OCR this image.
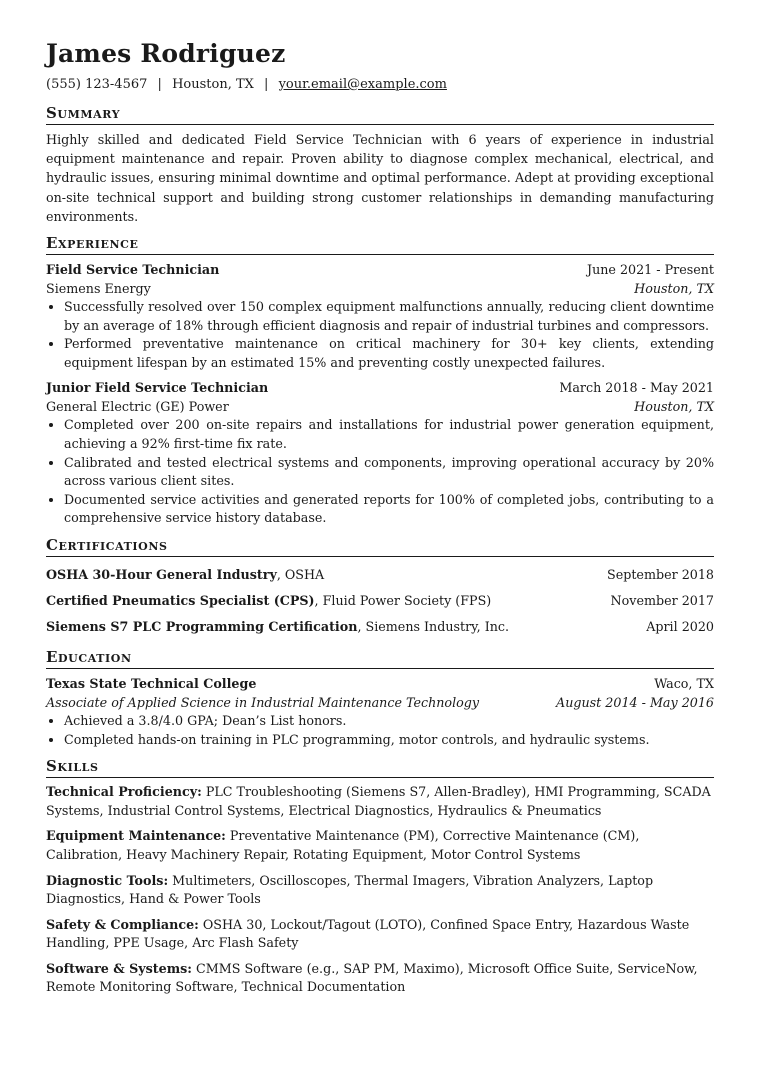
James Rodriguez
(555) 123-4567 | Houston, TX | your.email@example.com
Summary
Highly skilled and dedicated Field Service Technician with 6 years of experience in industrial equipment maintenance and repair. Proven ability to diagnose complex mechanical, electrical, and hydraulic issues, ensuring minimal downtime and optimal performance. Adept at providing exceptional on-site technical support and building strong customer relationships in demanding manufacturing environments.
Experience
Field Service Technician	June 2021 - Present
Siemens Energy	Houston, TX
• Successfully resolved over 150 complex equipment malfunctions annually, reducing client downtime by an average of 18% through efficient diagnosis and repair of industrial turbines and compressors.
• Performed preventative maintenance on critical machinery for 30+ key clients, extending equipment lifespan by an estimated 15% and preventing costly unexpected failures.
Junior Field Service Technician	March 2018 - May 2021
General Electric (GE) Power	Houston, TX
• Completed over 200 on-site repairs and installations for industrial power generation equipment, achieving a 92% first-time fix rate.
• Calibrated and tested electrical systems and components, improving operational accuracy by 20% across various client sites.
• Documented service activities and generated reports for 100% of completed jobs, contributing to a comprehensive service history database.
Certifications
OSHA 30-Hour General Industry, OSHA	September 2018
Certified Pneumatics Specialist (CPS), Fluid Power Society (FPS)	November 2017
Siemens S7 PLC Programming Certification, Siemens Industry, Inc.	April 2020
Education
Texas State Technical College	Waco, TX
Associate of Applied Science in Industrial Maintenance Technology	August 2014 - May 2016
• Achieved a 3.8/4.0 GPA; Dean’s List honors.
• Completed hands-on training in PLC programming, motor controls, and hydraulic systems.
Skills
Technical Proficiency: PLC Troubleshooting (Siemens S7, Allen-Bradley), HMI Programming, SCADA Systems, Industrial Control Systems, Electrical Diagnostics, Hydraulics & Pneumatics
Equipment Maintenance: Preventative Maintenance (PM), Corrective Maintenance (CM), Calibration, Heavy Machinery Repair, Rotating Equipment, Motor Control Systems
Diagnostic Tools: Multimeters, Oscilloscopes, Thermal Imagers, Vibration Analyzers, Laptop Diagnostics, Hand & Power Tools
Safety & Compliance: OSHA 30, Lockout/Tagout (LOTO), Confined Space Entry, Hazardous Waste Handling, PPE Usage, Arc Flash Safety
Software & Systems: CMMS Software (e.g., SAP PM, Maximo), Microsoft Office Suite, ServiceNow, Remote Monitoring Software, Technical Documentation
